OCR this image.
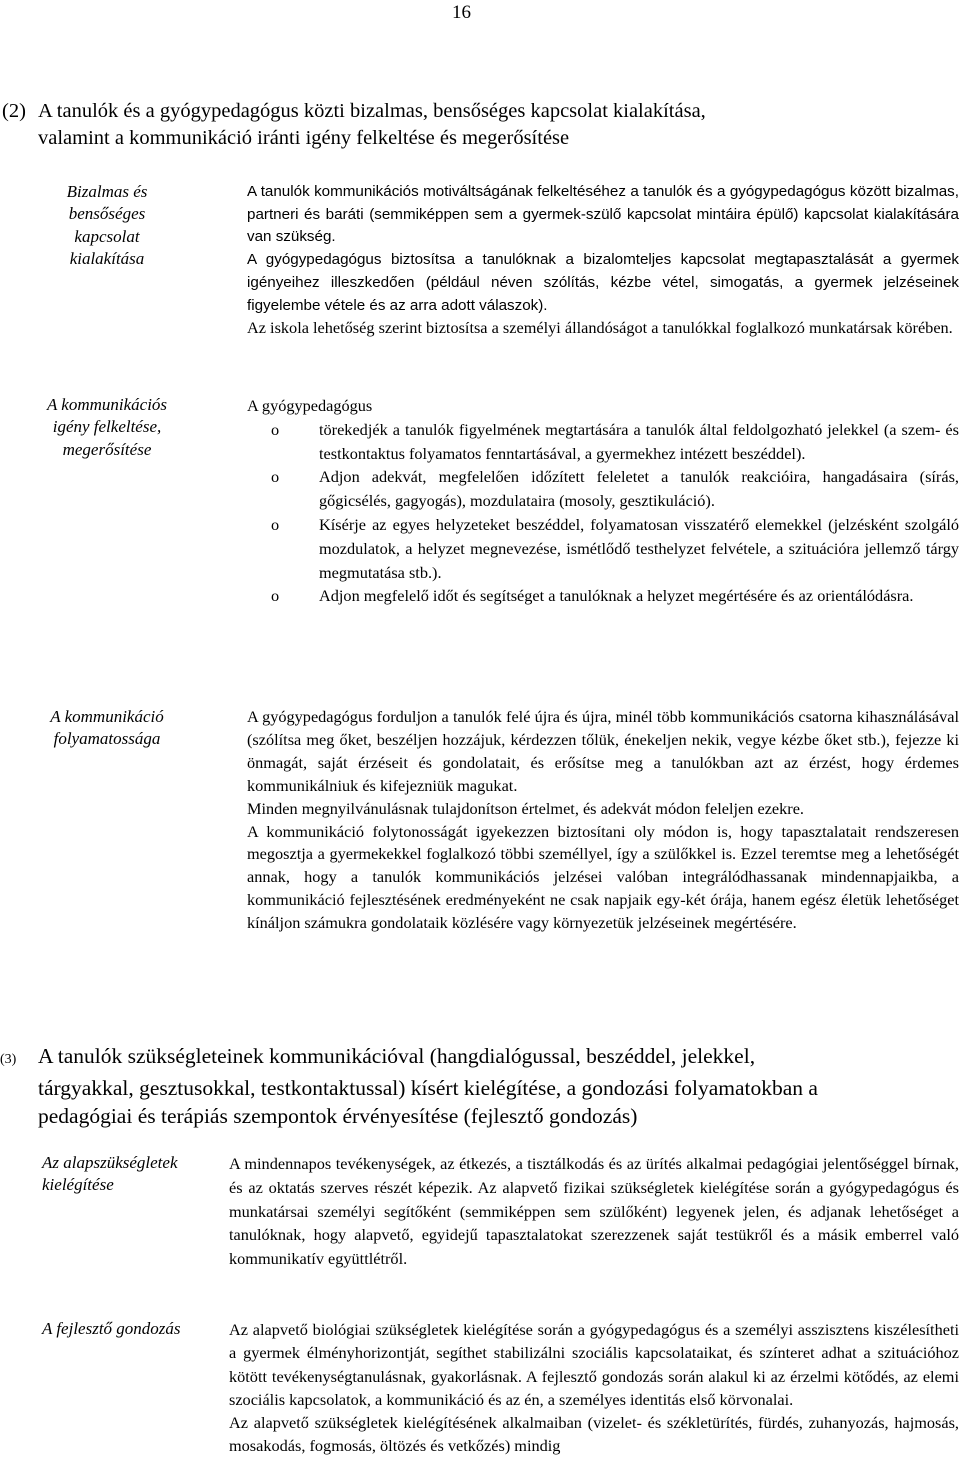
16
(2) A tanulók és a gyógypedagógus közti bizalmas, bensőséges kapcsolat kialakítása,
valamint a kommunikáció iránti igény felkeltése és megerősítése
Bizalmas és
bensőséges
kapcsolat
kialakítása

A tanulók kommunikációs motiváltságának felkeltéséhez a tanulók és a gyógypedagógus között bizalmas, partneri és baráti (semmiképpen sem a gyermek-szülő kapcsolat mintáira épülő) kapcsolat kialakítására van szükség.

A gyógypedagógus biztosítsa a tanulóknak a bizalomteljes kapcsolat megtapasztalását a gyermek igényeihez illeszkedően (például néven szólítás, kézbe vétel, simogatás, a gyermek jelzéseinek figyelembe vétele és az arra adott válaszok).

Az iskola lehetőség szerint biztosítsa a személyi állandóságot a tanulókkal foglalkozó munkatársak körében.

A kommunikációs
igény felkeltése,
megerősítése

A gyógypedagógus

o törekedjék a tanulók figyelmének megtartására a tanulók által feldolgozható jelekkel (a szem- és testkontaktus folyamatos fenntartásával, a gyermekhez intézett beszéddel).
o Adjon adekvát, megfelelően időzített feleletet a tanulók reakcióira, hangadásaira (sírás, gőgicsélés, gagyogás), mozdulataira (mosoly, gesztikuláció).
o Kísérje az egyes helyzeteket beszéddel, folyamatosan visszatérő elemekkel (jelzésként szolgáló mozdulatok, a helyzet megnevezése, ismétlődő testhelyzet felvétele, a szituációra jellemző tárgy megmutatása stb.).
o Adjon megfelelő időt és segítséget a tanulóknak a helyzet megértésére és az orientálódásra.
A kommunikáció
folyamatossága

A gyógypedagógus forduljon a tanulók felé újra és újra, minél több kommunikációs csatorna kihasználásával (szólítsa meg őket, beszéljen hozzájuk, kérdezzen tőlük, énekeljen nekik, vegye kézbe őket stb.), fejezze ki önmagát, saját érzéseit és gondolatait, és erősítse meg a tanulókban azt az érzést, hogy érdemes kommunikálniuk és kifejezniük magukat.

Minden megnyilvánulásnak tulajdonítson értelmet, és adekvát módon feleljen ezekre.

A kommunikáció folytonosságát igyekezzen biztosítani oly módon is, hogy tapasztalatait rendszeresen megosztja a gyermekekkel foglalkozó többi személlyel, így a szülőkkel is. Ezzel teremtse meg a lehetőségét annak, hogy a tanulók kommunikációs jelzései valóban integrálódhassanak mindennapjaikba, a kommunikáció fejlesztésének eredményeként ne csak napjaik egy-két órája, hanem egész életük lehetőséget kínáljon számukra gondolataik közlésére vagy környezetük jelzéseinek megértésére.

(3) A tanulók szükségleteinek kommunikációval (hangdialógussal, beszéddel, jelekkel,
tárgyakkal, gesztusokkal, testkontaktussal) kísért kielégítése, a gondozási folyamatokban a
pedagógiai és terápiás szempontok érvényesítése (fejlesztő gondozás)
Az alapszükségletek
kielégítése

A mindennapos tevékenységek, az étkezés, a tisztálkodás és az ürítés alkalmai pedagógiai jelentőséggel bírnak, és az oktatás szerves részét képezik. Az alapvető fizikai szükségletek kielégítése során a gyógypedagógus és munkatársai személyi segítőként (semmiképpen sem szülőként) legyenek jelen, és adjanak lehetőséget a tanulóknak, hogy alapvető, egyidejű tapasztalatokat szerezzenek saját testükről és a másik emberrel való kommunikatív együttlétről.

A fejlesztő gondozás	Az alapvető biológiai szükségletek kielégítése során a gyógypedagógus és a személyi asszisztens kiszélesítheti a gyermek élményhorizontját, segíthet stabilizálni szociális kapcsolataikat, és színteret adhat a szituációhoz kötött tevékenységtanulásnak, gyakorlásnak. A fejlesztő gondozás során alakul ki az érzelmi kötődés, az elemi szociális kapcsolatok, a kommunikáció és az én, a személyes identitás első körvonalai.

Az alapvető szükségletek kielégítésének alkalmaiban (vizelet- és székletürítés, fürdés, zuhanyozás, hajmosás, mosakodás, fogmosás, öltözés és vetkőzés) mindig
